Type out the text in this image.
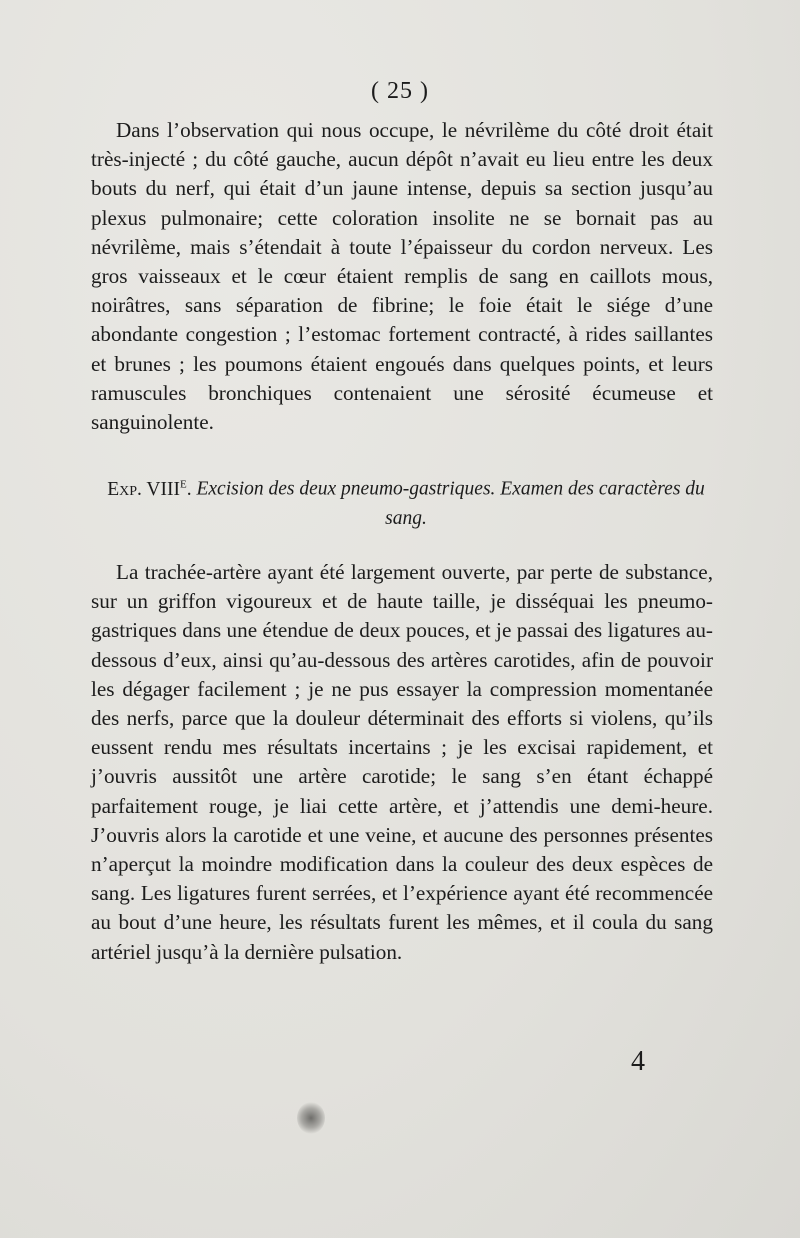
( 25 )

Dans l’observation qui nous occupe, le névrilème du côté droit était très-injecté ; du côté gauche, aucun dépôt n’avait eu lieu entre les deux bouts du nerf, qui était d’un jaune intense, depuis sa section jusqu’au plexus pulmonaire; cette coloration insolite ne se bornait pas au névrilème, mais s’étendait à toute l’épaisseur du cordon nerveux. Les gros vaisseaux et le cœur étaient remplis de sang en caillots mous, noirâtres, sans séparation de fibrine; le foie était le siége d’une abondante congestion ; l’estomac fortement contracté, à rides saillantes et brunes ; les poumons étaient engoués dans quelques points, et leurs ramuscules bronchiques contenaient une sérosité écumeuse et sanguinolente.

Exp. VIIIe. Excision des deux pneumo-gastriques. Examen des caractères du sang.

La trachée-artère ayant été largement ouverte, par perte de substance, sur un griffon vigoureux et de haute taille, je disséquai les pneumo-gastriques dans une étendue de deux pouces, et je passai des ligatures au-dessous d’eux, ainsi qu’au-dessous des artères carotides, afin de pouvoir les dégager facilement ; je ne pus essayer la compression momentanée des nerfs, parce que la douleur déterminait des efforts si violens, qu’ils eussent rendu mes résultats incertains ; je les excisai rapidement, et j’ouvris aussitôt une artère carotide; le sang s’en étant échappé parfaitement rouge, je liai cette artère, et j’attendis une demi-heure. J’ouvris alors la carotide et une veine, et aucune des personnes présentes n’aperçut la moindre modification dans la couleur des deux espèces de sang. Les ligatures furent serrées, et l’expérience ayant été recommencée au bout d’une heure, les résultats furent les mêmes, et il coula du sang artériel jusqu’à la dernière pulsation.

4
